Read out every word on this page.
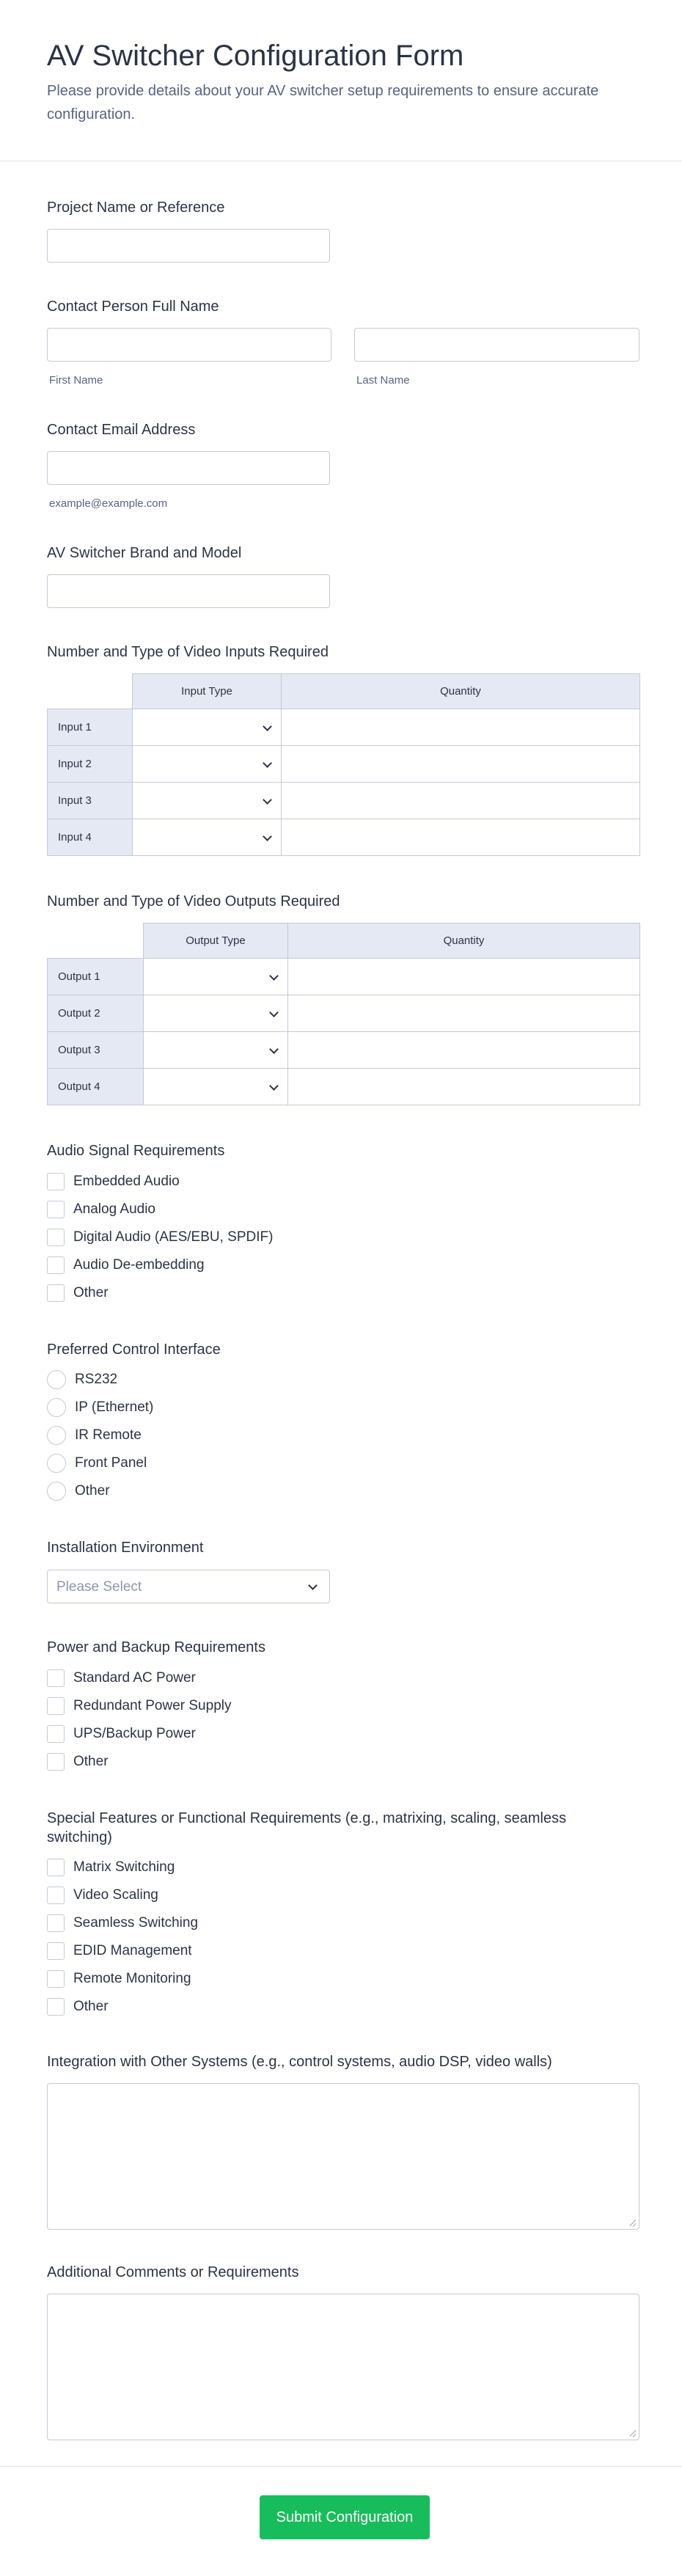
AV Switcher Configuration Form

Please provide details about your AV switcher setup requirements to ensure accurate configuration.

Project Name or Reference

Contact Person Full Name

First Name	Last Name

Contact Email Address

example@example.com

AV Switcher Brand and Model

Number and Type of Video Inputs Required

	Input Type	Quantity
Input 1	

Input 2	

Input 3	

Input 4	

Number and Type of Video Outputs Required

	Output Type	Quantity
Output 1	

Output 2	

Output 3	

Output 4	

Audio Signal Requirements

Embedded Audio
Analog Audio
Digital Audio (AES/EBU, SPDIF)
Audio De-embedding
Other

Preferred Control Interface

RS232
IP (Ethernet)
IR Remote
Front Panel
Other

Installation Environment

Please Select

Power and Backup Requirements

Standard AC Power
Redundant Power Supply
UPS/Backup Power
Other

Special Features or Functional Requirements (e.g., matrixing, scaling, seamless switching)

Matrix Switching
Video Scaling
Seamless Switching
EDID Management
Remote Monitoring
Other

Integration with Other Systems (e.g., control systems, audio DSP, video walls)

Additional Comments or Requirements

Submit Configuration
